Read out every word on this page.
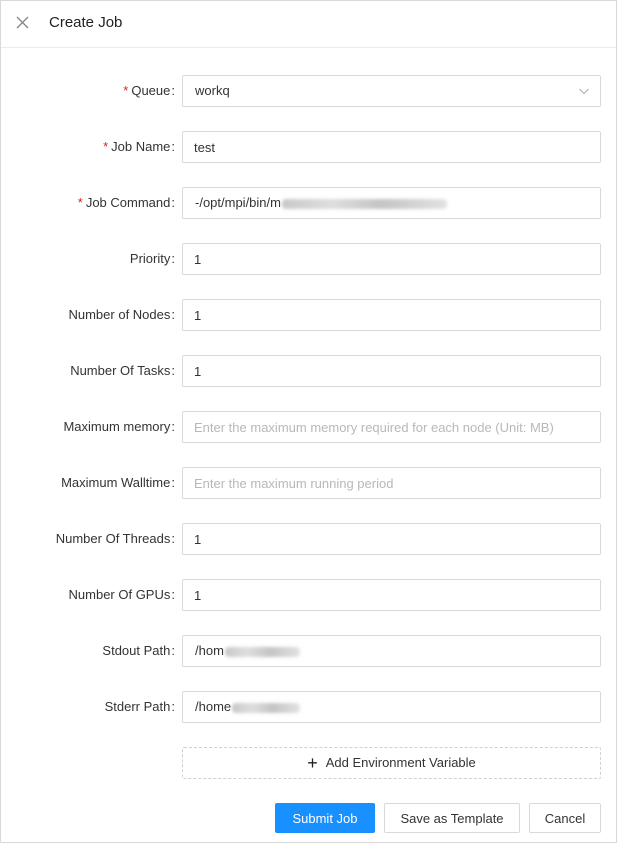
Create Job
* Queue: workq
* Job Name:
test
* Job Command: -/opt/mpi/bin/m
Priority:
1
Number of Nodes:
1
Number Of Tasks:
1
Maximum memory:
Enter the maximum memory required for each node (Unit: MB)
Maximum Walltime:
Enter the maximum running period
Number Of Threads:
1
Number Of GPUs:
1
Stdout Path: /hom
Stderr Path: /home
+ Add Environment Variable
Submit Job	Save as Template	Cancel
